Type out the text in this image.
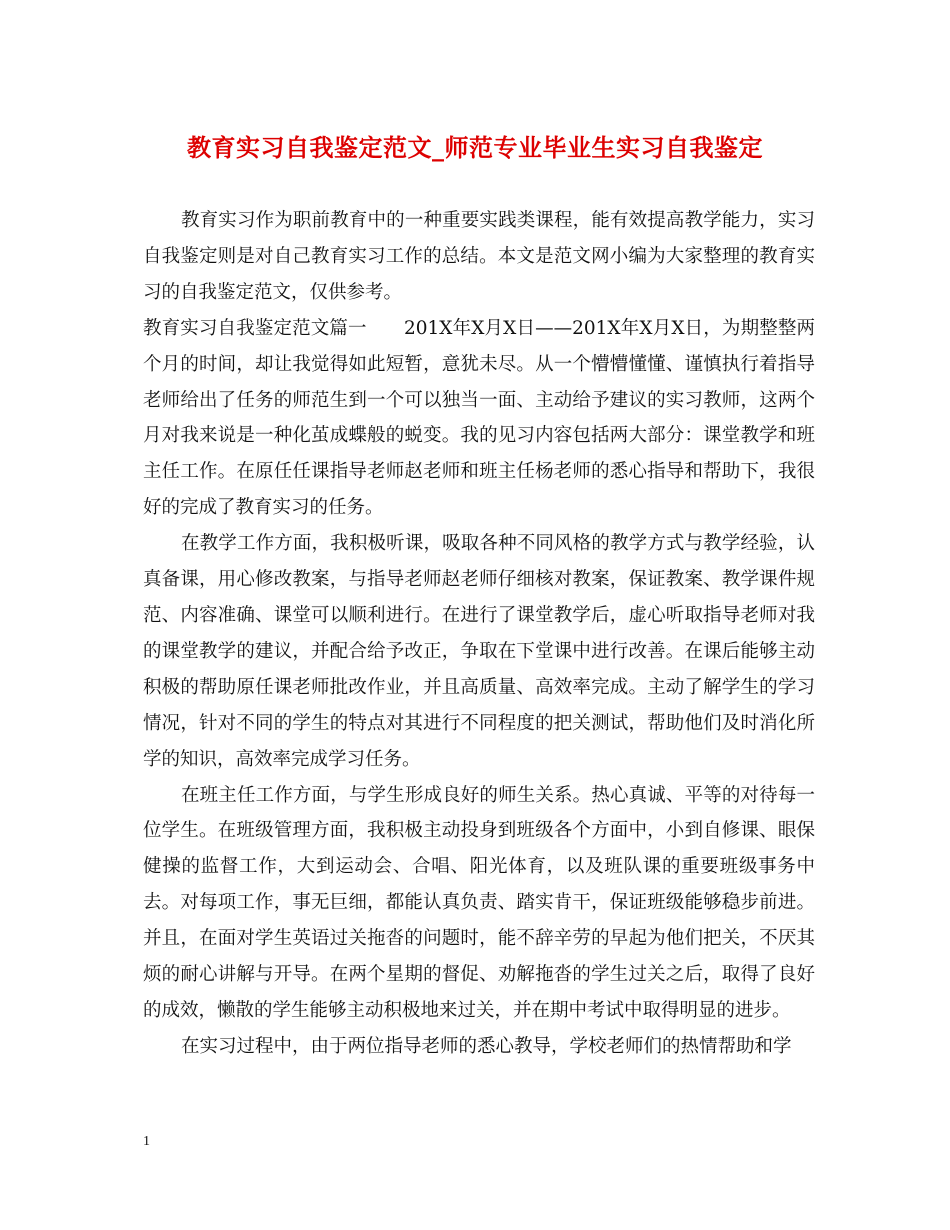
教育实习自我鉴定范文_师范专业毕业生实习自我鉴定

教育实习作为职前教育中的一种重要实践类课程，能有效提高教学能力，实习自我鉴定则是对自己教育实习工作的总结。本文是范文网小编为大家整理的教育实习的自我鉴定范文，仅供参考。

教育实习自我鉴定范文篇一　　201X年X月X日——201X年X月X日，为期整整两个月的时间，却让我觉得如此短暂，意犹未尽。从一个懵懵懂懂、谨慎执行着指导老师给出了任务的师范生到一个可以独当一面、主动给予建议的实习教师，这两个月对我来说是一种化茧成蝶般的蜕变。我的见习内容包括两大部分：课堂教学和班主任工作。在原任任课指导老师赵老师和班主任杨老师的悉心指导和帮助下，我很好的完成了教育实习的任务。

在教学工作方面，我积极听课，吸取各种不同风格的教学方式与教学经验，认真备课，用心修改教案，与指导老师赵老师仔细核对教案，保证教案、教学课件规范、内容准确、课堂可以顺利进行。在进行了课堂教学后，虚心听取指导老师对我的课堂教学的建议，并配合给予改正，争取在下堂课中进行改善。在课后能够主动积极的帮助原任课老师批改作业，并且高质量、高效率完成。主动了解学生的学习情况，针对不同的学生的特点对其进行不同程度的把关测试，帮助他们及时消化所学的知识，高效率完成学习任务。

在班主任工作方面，与学生形成良好的师生关系。热心真诚、平等的对待每一位学生。在班级管理方面，我积极主动投身到班级各个方面中，小到自修课、眼保健操的监督工作，大到运动会、合唱、阳光体育，以及班队课的重要班级事务中去。对每项工作，事无巨细，都能认真负责、踏实肯干，保证班级能够稳步前进。并且，在面对学生英语过关拖沓的问题时，能不辞辛劳的早起为他们把关，不厌其烦的耐心讲解与开导。在两个星期的督促、劝解拖沓的学生过关之后，取得了良好的成效，懒散的学生能够主动积极地来过关，并在期中考试中取得明显的进步。

在实习过程中，由于两位指导老师的悉心教导，学校老师们的热情帮助和学

1
